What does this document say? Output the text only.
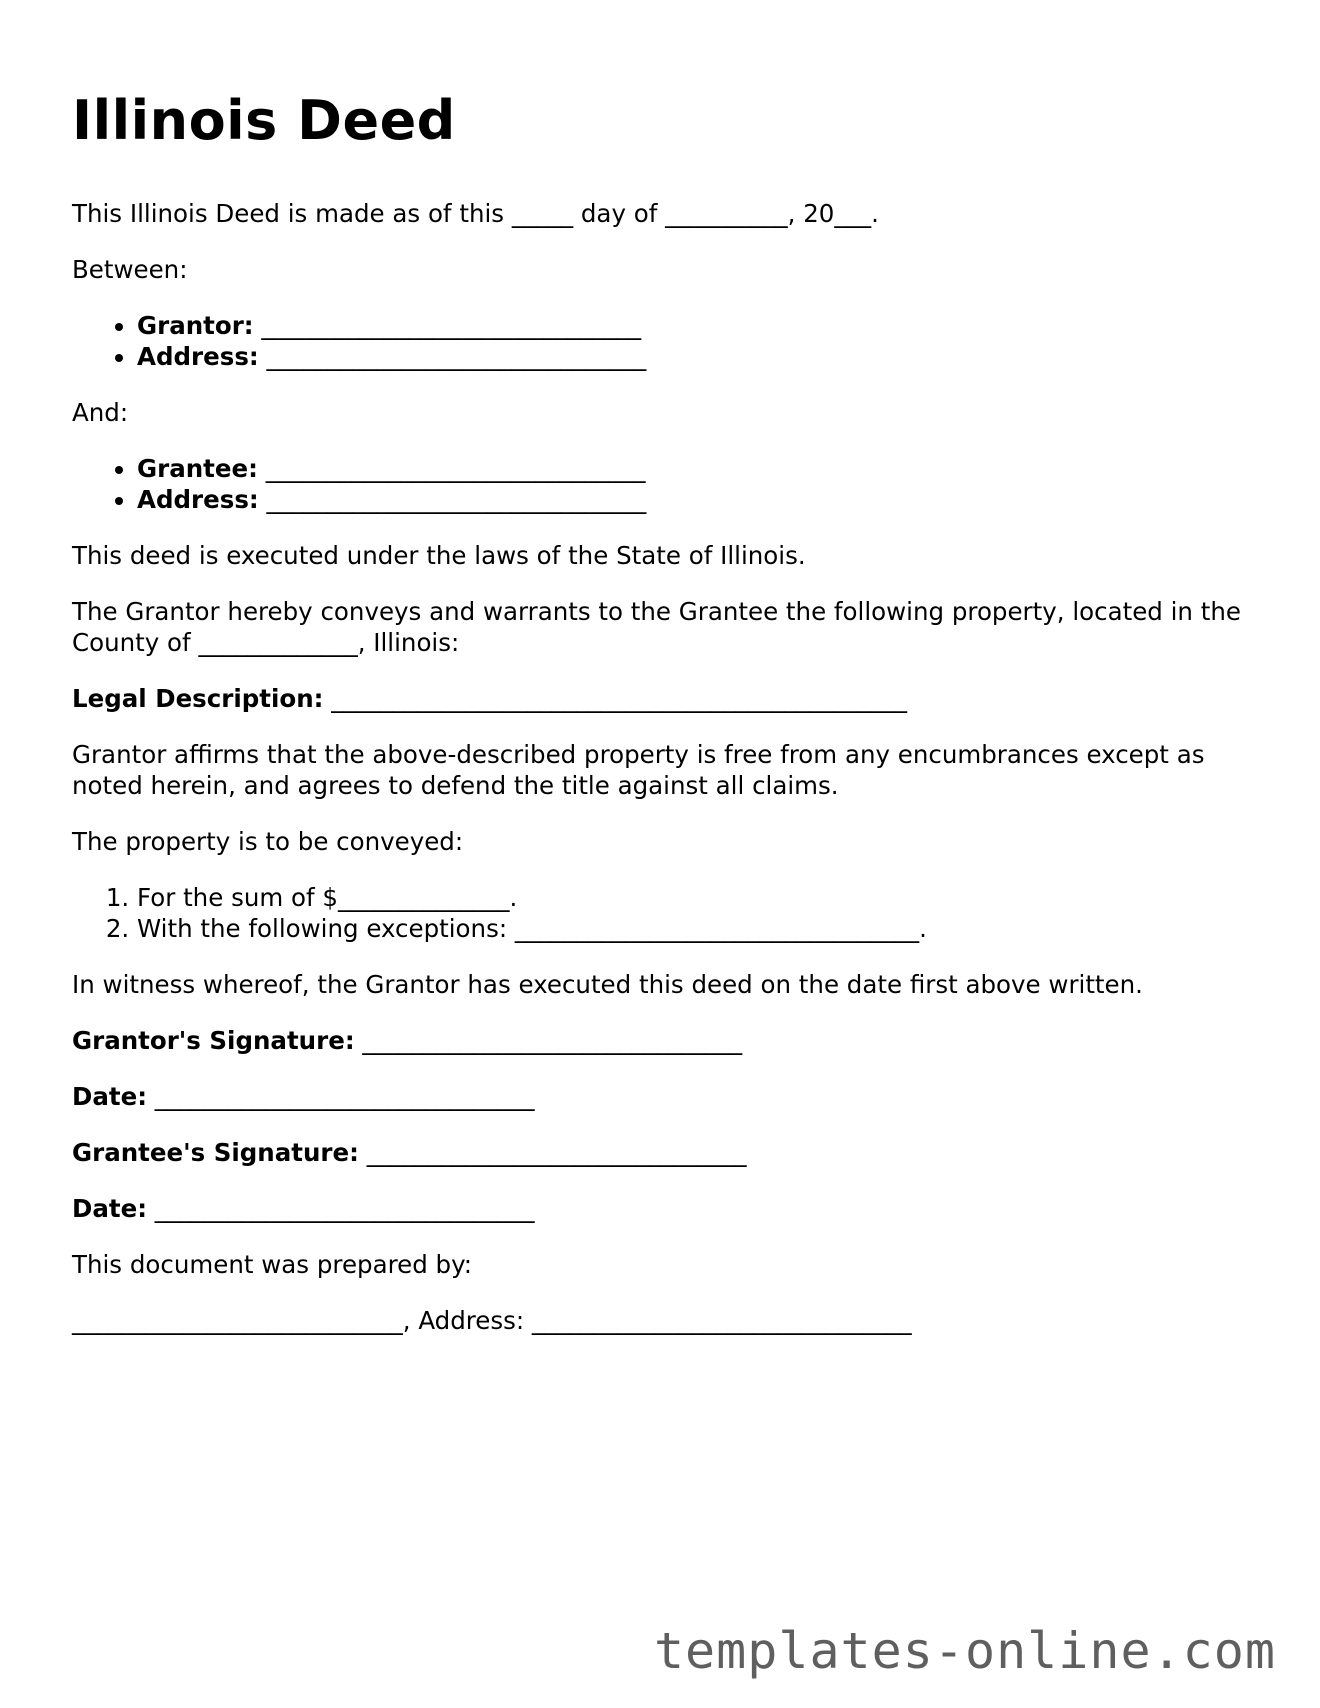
Illinois Deed

This Illinois Deed is made as of this _____ day of __________, 20___.

Between:

• Grantor: _______________________________
• Address: _______________________________

And:

• Grantee: _______________________________
• Address: _______________________________

This deed is executed under the laws of the State of Illinois.

The Grantor hereby conveys and warrants to the Grantee the following property, located in the County of _____________, Illinois:

Legal Description: _______________________________________________

Grantor affirms that the above-described property is free from any encumbrances except as noted herein, and agrees to defend the title against all claims.

The property is to be conveyed:

1. For the sum of $______________.
2. With the following exceptions: _________________________________.

In witness whereof, the Grantor has executed this deed on the date first above written.

Grantor's Signature: _______________________________

Date: _______________________________

Grantee's Signature: _______________________________

Date: _______________________________

This document was prepared by:

___________________________, Address: _______________________________

templates-online.com
